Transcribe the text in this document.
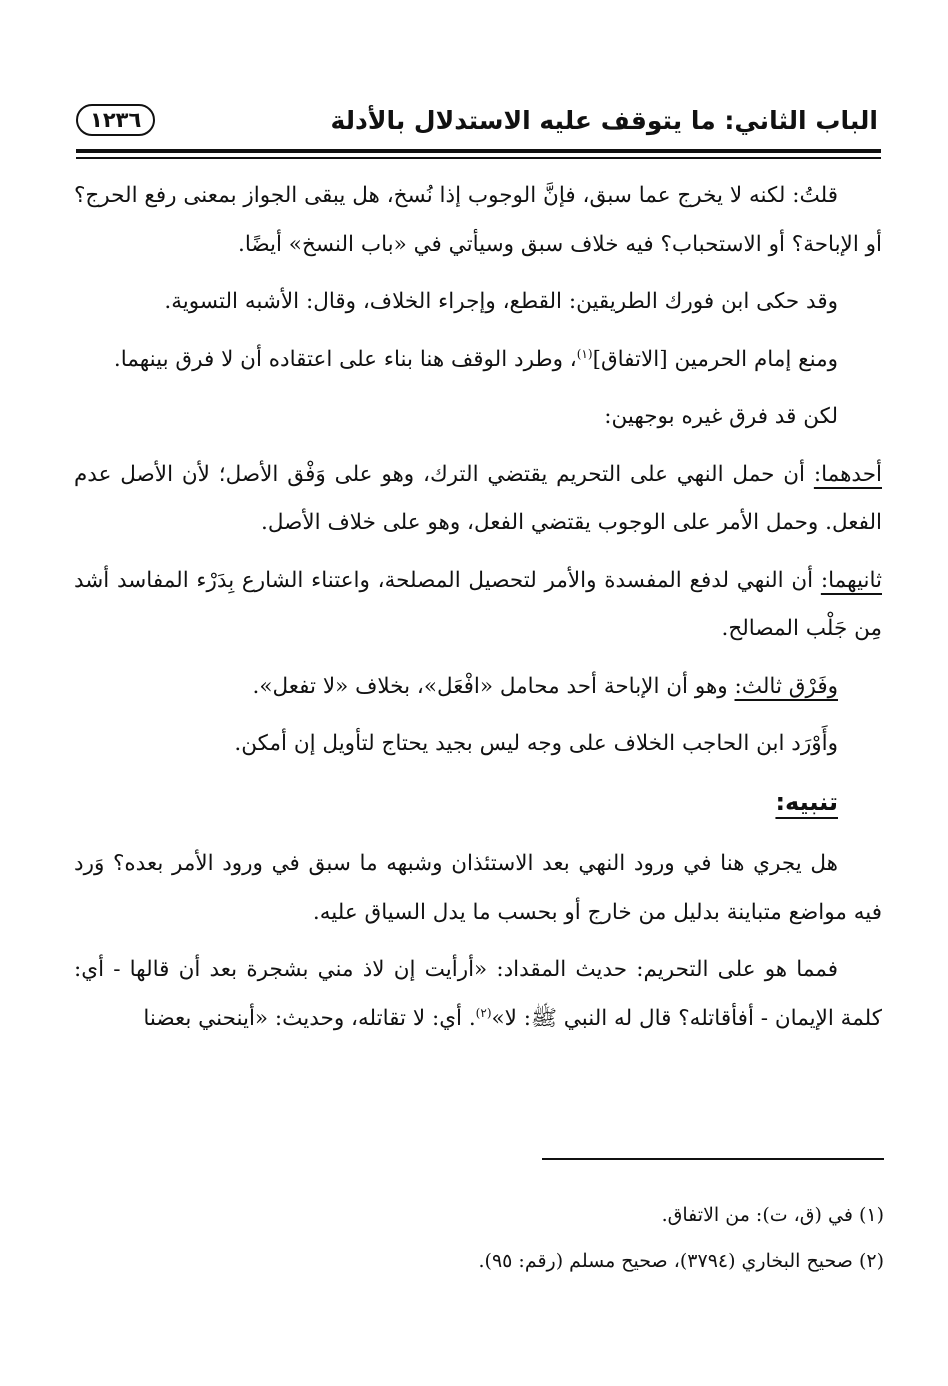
الباب الثاني: ما يتوقف عليه الاستدلال بالأدلة
١٢٣٦

قلتُ: لكنه لا يخرج عما سبق، فإنَّ الوجوب إذا نُسخ، هل يبقى الجواز بمعنى رفع الحرج؟ أو الإباحة؟ أو الاستحباب؟ فيه خلاف سبق وسيأتي في «باب النسخ» أيضًا.

وقد حكى ابن فورك الطريقين: القطع، وإجراء الخلاف، وقال: الأشبه التسوية.

ومنع إمام الحرمين [الاتفاق]$^{(١)}$، وطرد الوقف هنا بناء على اعتقاده أن لا فرق بينهما.

لكن قد فرق غيره بوجهين:

أحدهما: أن حمل النهي على التحريم يقتضي الترك، وهو على وَفْق الأصل؛ لأن الأصل عدم الفعل. وحمل الأمر على الوجوب يقتضي الفعل، وهو على خلاف الأصل.

ثانيهما: أن النهي لدفع المفسدة والأمر لتحصيل المصلحة، واعتناء الشارع بِدَرْء المفاسد أشد مِن جَلْب المصالح.

وفَرْق ثالث: وهو أن الإباحة أحد محامل «افْعَل»، بخلاف «لا تفعل».

وأَوْرَد ابن الحاجب الخلاف على وجه ليس بجيد يحتاج لتأويل إن أمكن.

تنبيه:

هل يجري هنا في ورود النهي بعد الاستئذان وشبهه ما سبق في ورود الأمر بعده؟ وَرد فيه مواضع متباينة بدليل من خارج أو بحسب ما يدل السياق عليه.

فمما هو على التحريم: حديث المقداد: «أرأيت إن لاذ مني بشجرة بعد أن قالها - أي: كلمة الإيمان - أفأقاتله؟ قال له النبي ﷺ: لا»$^{(٢)}$. أي: لا تقاتله، وحديث: «أينحني بعضنا

(١) في (ق، ت): من الاتفاق.

(٢) صحيح البخاري (٣٧٩٤)، صحيح مسلم (رقم: ٩٥).
